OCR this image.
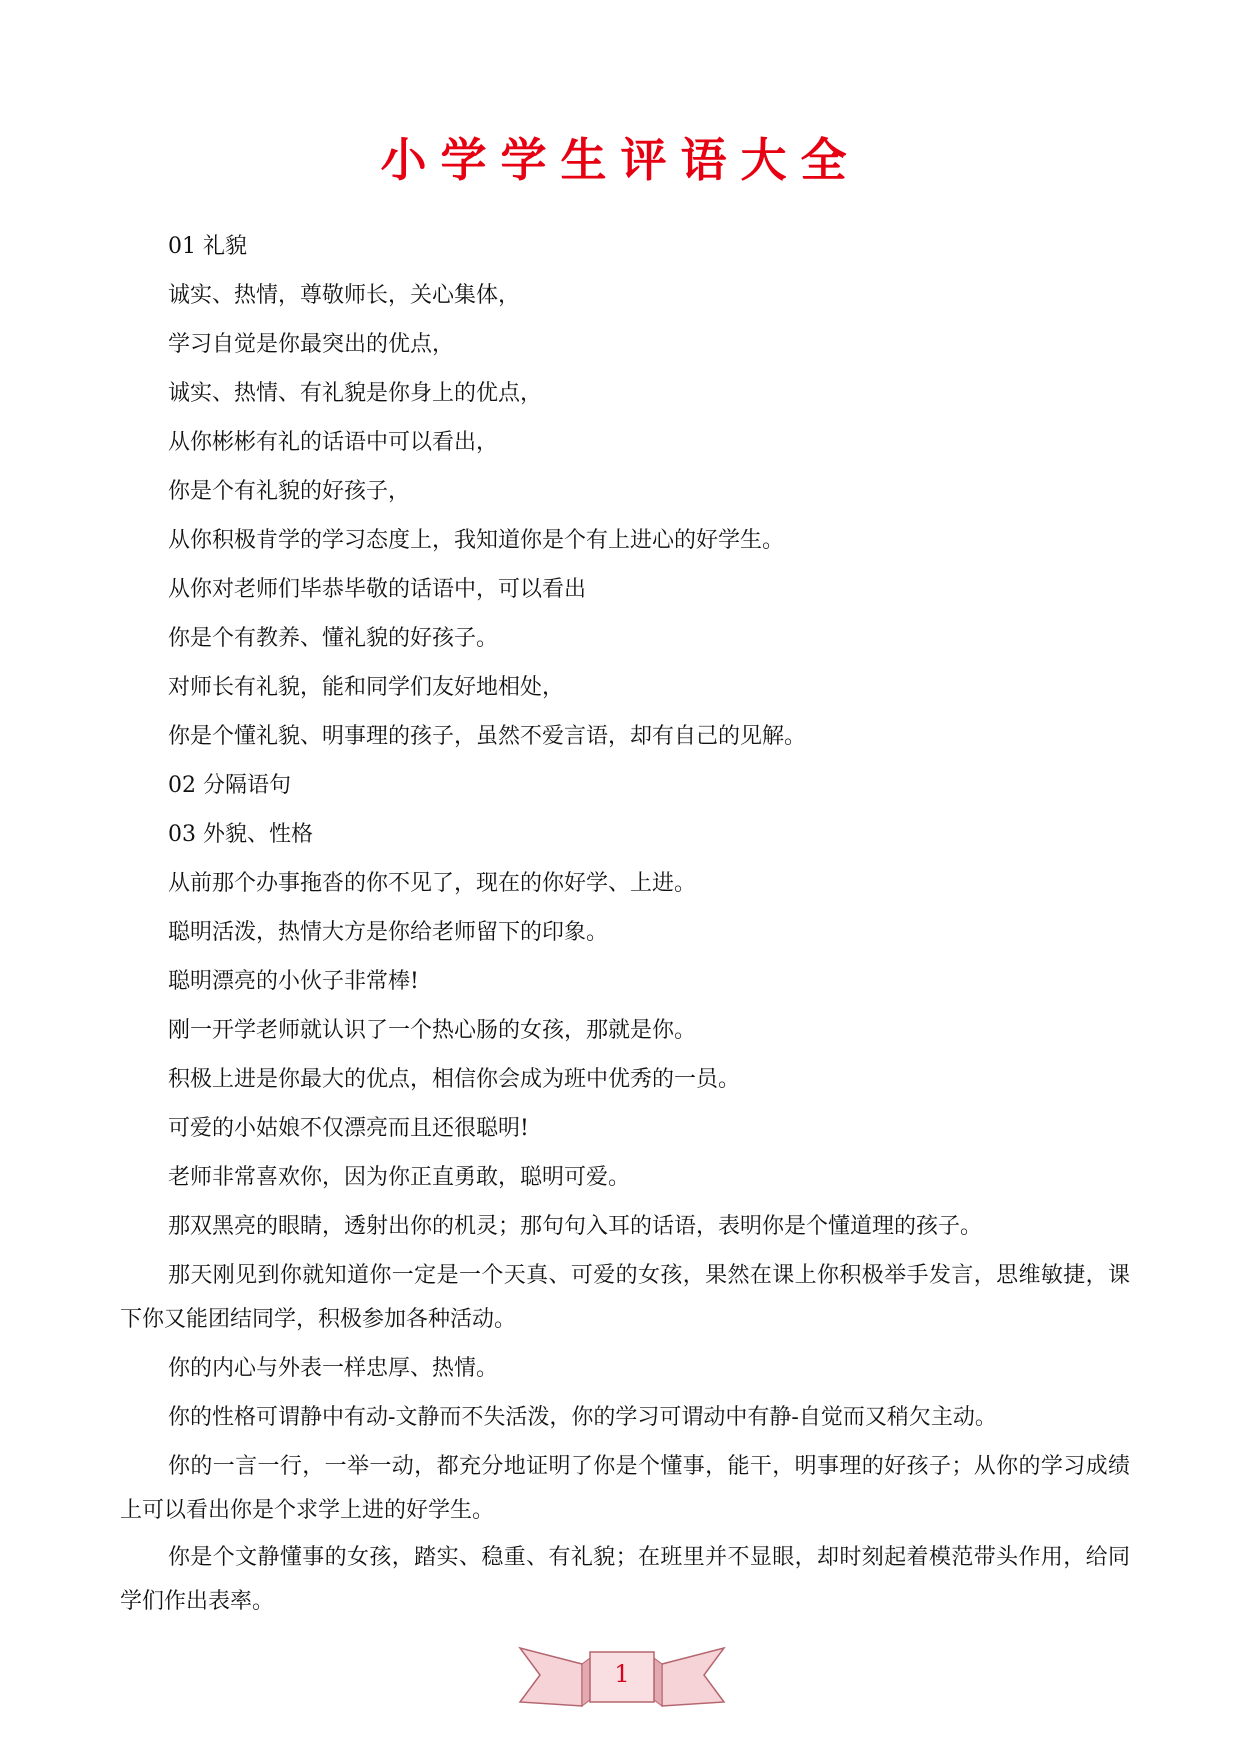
小学学生评语大全

01 礼貌

诚实、热情，尊敬师长，关心集体，

学习自觉是你最突出的优点，

诚实、热情、有礼貌是你身上的优点，

从你彬彬有礼的话语中可以看出，

你是个有礼貌的好孩子，

从你积极肯学的学习态度上，我知道你是个有上进心的好学生。

从你对老师们毕恭毕敬的话语中，可以看出

你是个有教养、懂礼貌的好孩子。

对师长有礼貌，能和同学们友好地相处，

你是个懂礼貌、明事理的孩子，虽然不爱言语，却有自己的见解。

02 分隔语句

03 外貌、性格

从前那个办事拖沓的你不见了，现在的你好学、上进。

聪明活泼，热情大方是你给老师留下的印象。

聪明漂亮的小伙子非常棒!

刚一开学老师就认识了一个热心肠的女孩，那就是你。

积极上进是你最大的优点，相信你会成为班中优秀的一员。

可爱的小姑娘不仅漂亮而且还很聪明!

老师非常喜欢你，因为你正直勇敢，聪明可爱。

那双黑亮的眼睛，透射出你的机灵；那句句入耳的话语，表明你是个懂道理的孩子。

那天刚见到你就知道你一定是一个天真、可爱的女孩，果然在课上你积极举手发言，思维敏捷，课下你又能团结同学，积极参加各种活动。

你的内心与外表一样忠厚、热情。

你的性格可谓静中有动-文静而不失活泼，你的学习可谓动中有静-自觉而又稍欠主动。

你的一言一行，一举一动，都充分地证明了你是个懂事，能干，明事理的好孩子；从你的学习成绩上可以看出你是个求学上进的好学生。

你是个文静懂事的女孩，踏实、稳重、有礼貌；在班里并不显眼，却时刻起着模范带头作用，给同学们作出表率。

1
